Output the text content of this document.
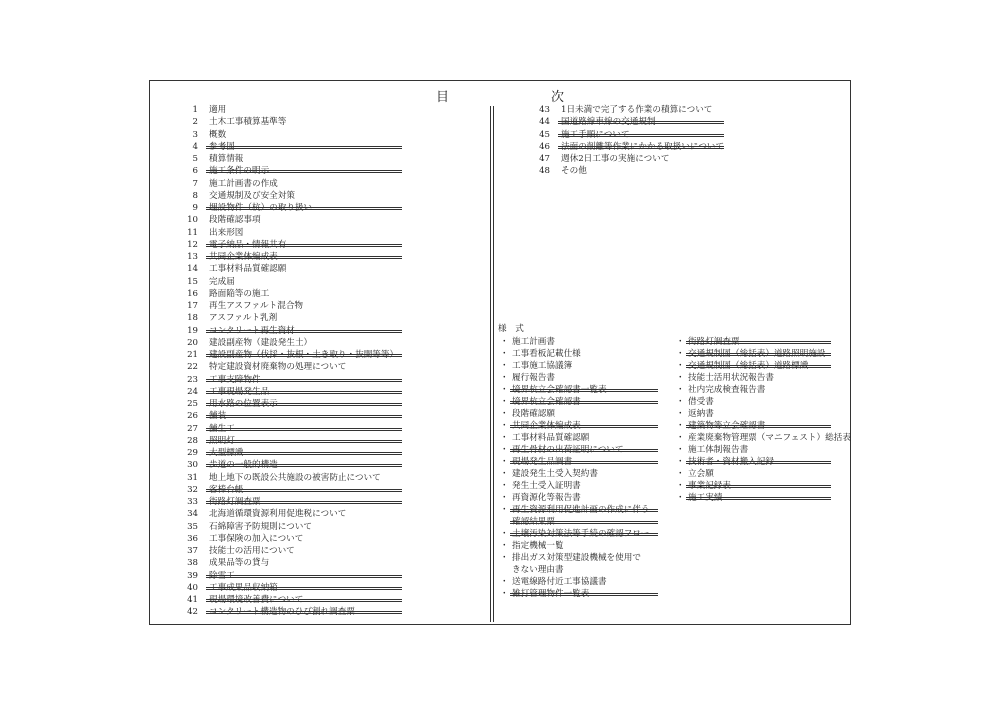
目	次
1 適用
2 土木工事積算基準等
3 概数
4 参考図
5 積算情報
6 施工条件の明示
7 施工計画書の作成
8 交通規制及び安全対策
9 埋設物件（杭）の取り扱い
10 段階確認事項
11 出来形図
12 電子納品・情報共有
13 共同企業体編成表
14 工事材料品質確認願
15 完成届
16 路面陥等の施工
17 再生アスファルト混合物
18 アスファルト乳剤
19 コンクリート再生資材
20 建設副産物（建設発生土）
21 建設副産物（伐採・抜根・土き取り・抜開等等）
22 特定建設資材廃棄物の処理について
23 工事支障物件
24 工事現場発生品
25 用水路の位置表示
26 舗装
27 舗生工
28 照明灯
29 大型標識
30 歩道の一般的構造
31 地上地下の既設公共施設の被害防止について
32 客棒台帳
33 街路灯調査票
34 北海道循環資源利用促進税について
35 石綿障害予防規則について
36 工事保険の加入について
37 技能士の活用について
38 成果品等の貸与
39 除雪工
40 工事成果品収納箱
41 現場環境改善費について
42 コンクリート構造物のひび割れ調査票
43 1日未満で完了する作業の積算について
44 国道路線車線の交通規制
45 施工手順について
46 法面の削離等作業にかかる取扱いについて
47 週休2日工事の実施について
48 その他
様　式
・ 施工計画書
・ 工事看板記載仕様
・ 工事施工協議簿
・ 履行報告書
・ 境界杭立会確認書一覧表
・ 境界杭立会確認書
・ 段階確認願
・ 共同企業体編成表
・ 工事材料品質確認願
・ 再生骨材の出荷証明について
・ 現場発生品調書
・ 建設発生土受入契約書
・ 発生土受入証明書
・ 再資源化等報告書
・ 再生資源利用促進計画の作成に伴う
確認結果票
・ 土壌汚染対策法等手続の確認フロー
・ 指定機械一覧
・ 排出ガス対策型建設機械を使用で
きない理由書
・ 送電線路付近工事協議書
・ 雑打管理物件一覧表
・ 街路灯調査票
・ 交通規制図（総括表）道路照明施設
・ 交通規制図（総括表）道路標識
・ 技能士活用状況報告書
・ 社内完成検査報告書
・ 借受書
・ 返納書
・ 建築物等立会確認書
・ 産業廃棄物管理票（マニフェスト）総括表
・ 施工体制報告書
・ 技術者・資材搬入記録
・ 立会願
・ 事業記録表
・ 施工実績
